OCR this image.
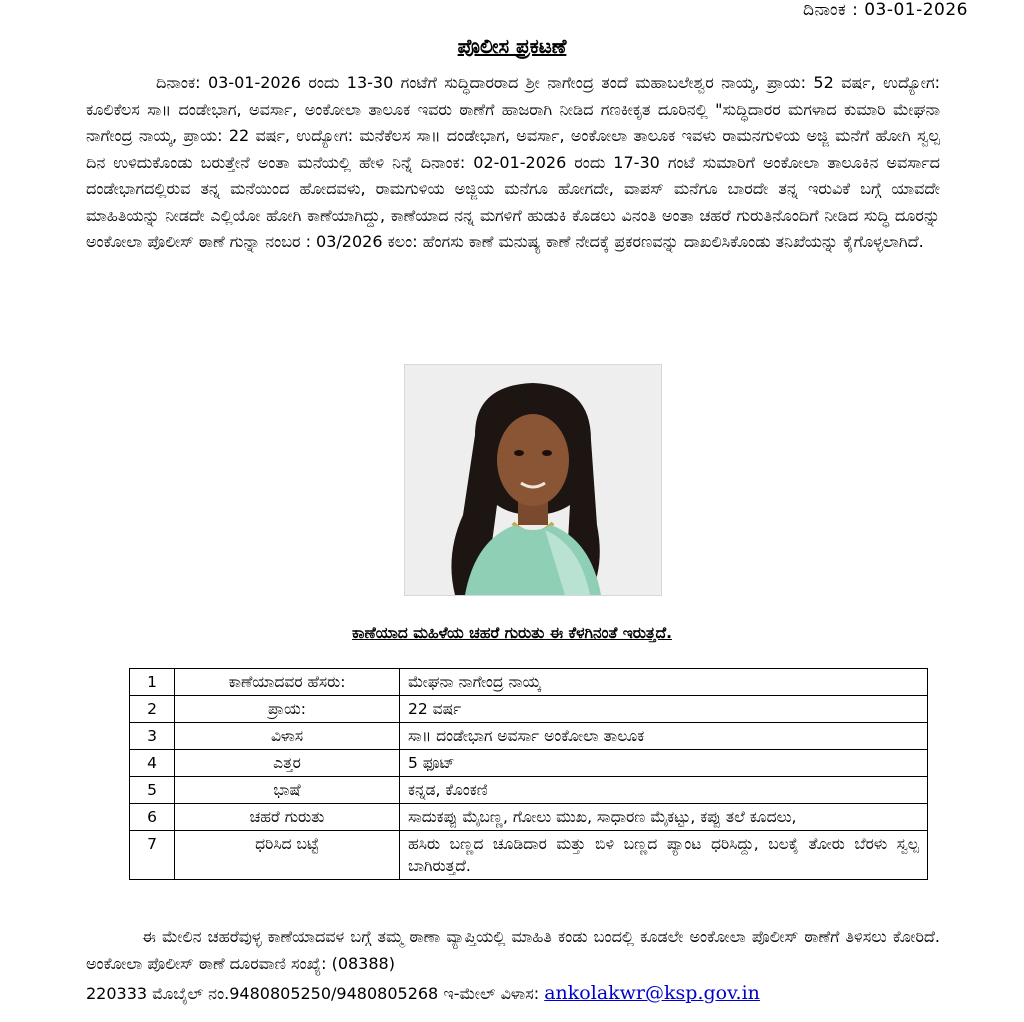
ದಿನಾಂಕ : 03-01-2026
ಪೊಲೀಸ ಪ್ರಕಟಣೆ
ದಿನಾಂಕ: 03-01-2026 ರಂದು 13-30 ಗಂಟೆಗೆ ಸುದ್ಧಿದಾರರಾದ ಶ್ರೀ ನಾಗೇಂದ್ರ ತಂದೆ ಮಹಾಬಲೇಶ್ವರ ನಾಯ್ಕ, ಪ್ರಾಯ: 52 ವರ್ಷ, ಉದ್ಯೋಗ: ಕೂಲಿಕೆಲಸ ಸಾ॥ ದಂಡೇಭಾಗ, ಅವರ್ಸಾ, ಅಂಕೋಲಾ ತಾಲೂಕ ಇವರು ಠಾಣೆಗೆ ಹಾಜರಾಗಿ ನೀಡಿದ ಗಣಕೀಕೃತ ದೂರಿನಲ್ಲಿ "ಸುದ್ಧಿದಾರರ ಮಗಳಾದ ಕುಮಾರಿ ಮೇಘನಾ ನಾಗೇಂದ್ರ ನಾಯ್ಕ, ಪ್ರಾಯ: 22 ವರ್ಷ, ಉದ್ಯೋಗ: ಮನೆಕೆಲಸ ಸಾ॥ ದಂಡೇಭಾಗ, ಅವರ್ಸಾ, ಅಂಕೋಲಾ ತಾಲೂಕ ಇವಳು ರಾಮನಗುಳಿಯ ಅಜ್ಜಿ ಮನೆಗೆ ಹೋಗಿ ಸ್ವಲ್ಪ ದಿನ ಉಳಿದುಕೊಂಡು ಬರುತ್ತೇನೆ ಅಂತಾ ಮನೆಯಲ್ಲಿ ಹೇಳಿ ನಿನ್ನೆ ದಿನಾಂಕ: 02-01-2026 ರಂದು 17-30 ಗಂಟೆ ಸುಮಾರಿಗೆ ಅಂಕೋಲಾ ತಾಲೂಕಿನ ಅವರ್ಸಾದ ದಂಡೇಭಾಗದಲ್ಲಿರುವ ತನ್ನ ಮನೆಯಿಂದ ಹೋದವಳು, ರಾಮಗುಳಿಯ ಅಜ್ಜಿಯ ಮನೆಗೂ ಹೋಗದೇ, ವಾಪಸ್ ಮನೆಗೂ ಬಾರದೇ ತನ್ನ ಇರುವಿಕೆ ಬಗ್ಗೆ ಯಾವದೇ ಮಾಹಿತಿಯನ್ನು ನೀಡದೇ ಎಲ್ಲಿಯೋ ಹೋಗಿ ಕಾಣೆಯಾಗಿದ್ದು, ಕಾಣೆಯಾದ ನನ್ನ ಮಗಳಿಗೆ ಹುಡುಕಿ ಕೊಡಲು ವಿನಂತಿ ಅಂತಾ ಚಹರೆ ಗುರುತಿನೊಂದಿಗೆ ನೀಡಿದ ಸುದ್ಧಿ ದೂರನ್ನು ಅಂಕೋಲಾ ಪೊಲೀಸ್ ಠಾಣೆ ಗುನ್ನಾ ನಂಬರ : 03/2026 ಕಲಂ: ಹೆಂಗಸು ಕಾಣೆ ಮನುಷ್ಯ ಕಾಣೆ ನೇದಕ್ಕೆ ಪ್ರಕರಣವನ್ನು ದಾಖಲಿಸಿಕೊಂಡು ತನಿಖೆಯನ್ನು ಕೈಗೊಳ್ಳಲಾಗಿದೆ.
ಕಾಣೆಯಾದ ಮಹಿಳೆಯ ಚಹರೆ ಗುರುತು ಈ ಕೆಳಗಿನಂತೆ ಇರುತ್ತದೆ.
1	ಕಾಣೆಯಾದವರ ಹೆಸರು:	ಮೇಘನಾ ನಾಗೇಂದ್ರ ನಾಯ್ಕ
2	ಪ್ರಾಯ:	22 ವರ್ಷ
3	ವಿಳಾಸ	ಸಾ॥ ದಂಡೇಭಾಗ ಅವರ್ಸಾ ಅಂಕೋಲಾ ತಾಲೂಕ
4	ಎತ್ತರ	5 ಫೂಟ್
5	ಭಾಷೆ	ಕನ್ನಡ, ಕೊಂಕಣಿ
6	ಚಹರೆ ಗುರುತು	ಸಾದುಕಪ್ಪು ಮೈಬಣ್ಣ, ಗೋಲು ಮುಖ, ಸಾಧಾರಣ ಮೈಕಟ್ಟು, ಕಪ್ಪು ತಲೆ ಕೂದಲು,
7	ಧರಿಸಿದ ಬಟ್ಟೆ	ಹಸಿರು ಬಣ್ಣದ ಚೂಡಿದಾರ ಮತ್ತು ಬಿಳಿ ಬಣ್ಣದ ಪ್ಯಾಂಟ ಧರಿಸಿದ್ದು, ಬಲಕೈ ತೋರು ಬೆರಳು ಸ್ವಲ್ಪ ಬಾಗಿರುತ್ತದೆ.
ಈ ಮೇಲಿನ ಚಹರೆವುಳ್ಳ ಕಾಣೆಯಾದವಳ ಬಗ್ಗೆ ತಮ್ಮ ಠಾಣಾ ವ್ಯಾಪ್ತಿಯಲ್ಲಿ ಮಾಹಿತಿ ಕಂಡು ಬಂದಲ್ಲಿ ಕೂಡಲೇ ಅಂಕೋಲಾ ಪೊಲೀಸ್ ಠಾಣೆಗೆ ತಿಳಿಸಲು ಕೋರಿದೆ. ಅಂಕೋಲಾ ಪೊಲೀಸ್ ಠಾಣೆ ದೂರವಾಣಿ ಸಂಖ್ಯೆ: (08388)
220333 ಮೊಬೈಲ್ ನಂ.9480805250/9480805268 ಇ-ಮೇಲ್ ವಿಳಾಸ: ankolakwr@ksp.gov.in
